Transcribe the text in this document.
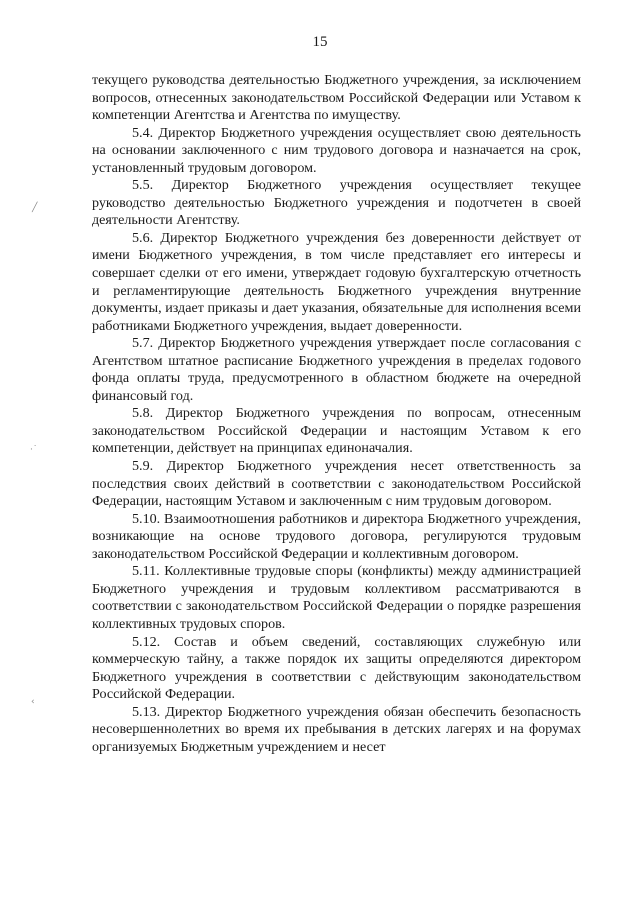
15
╱
·˙
‹

текущего руководства деятельностью Бюджетного учреждения, за исключением вопросов, отнесенных законодательством Российской Федерации или Уставом к компетенции Агентства и Агентства по имуществу.

5.4. Директор Бюджетного учреждения осуществляет свою деятельность на основании заключенного с ним трудового договора и назначается на срок, установленный трудовым договором.

5.5. Директор Бюджетного учреждения осуществляет текущее руководство деятельностью Бюджетного учреждения и подотчетен в своей деятельности Агентству.

5.6. Директор Бюджетного учреждения без доверенности действует от имени Бюджетного учреждения, в том числе представляет его интересы и совершает сделки от его имени, утверждает годовую бухгалтерскую отчетность и регламентирующие деятельность Бюджетного учреждения внутренние документы, издает приказы и дает указания, обязательные для исполнения всеми работниками Бюджетного учреждения, выдает доверенности.

5.7. Директор Бюджетного учреждения утверждает после согласования с Агентством штатное расписание Бюджетного учреждения в пределах годового фонда оплаты труда, предусмотренного в областном бюджете на очередной финансовый год.

5.8. Директор Бюджетного учреждения по вопросам, отнесенным законодательством Российской Федерации и настоящим Уставом к его компетенции, действует на принципах единоначалия.

5.9. Директор Бюджетного учреждения несет ответственность за последствия своих действий в соответствии с законодательством Российской Федерации, настоящим Уставом и заключенным с ним трудовым договором.

5.10. Взаимоотношения работников и директора Бюджетного учреждения, возникающие на основе трудового договора, регулируются трудовым законодательством Российской Федерации и коллективным договором.

5.11. Коллективные трудовые споры (конфликты) между администрацией Бюджетного учреждения и трудовым коллективом рассматриваются в соответствии с законодательством Российской Федерации о порядке разрешения коллективных трудовых споров.

5.12. Состав и объем сведений, составляющих служебную или коммерческую тайну, а также порядок их защиты определяются директором Бюджетного учреждения в соответствии с действующим законодательством Российской Федерации.

5.13. Директор Бюджетного учреждения обязан обеспечить безопасность несовершеннолетних во время их пребывания в детских лагерях и на форумах организуемых Бюджетным учреждением и несет
